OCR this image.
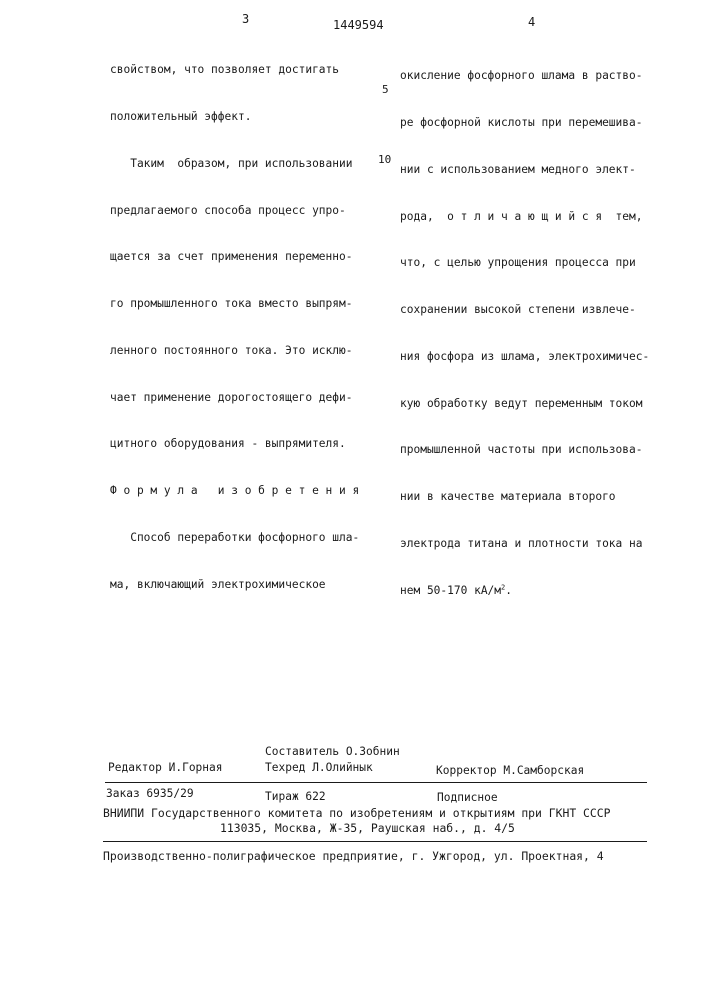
3	1449594	4

свойством, что позволяет достигать

положительный эффект.

Таким  образом, при использовании

предлагаемого способа процесс упро-

щается за счет применения переменно-

го промышленного тока вместо выпрям-

ленного постоянного тока. Это исклю-

чает применение дорогостоящего дефи-

цитного оборудования - выпрямителя.

Ф о р м у л а   и з о б р е т е н и я

Способ переработки фосфорного шла-

ма, включающий электрохимическое

5
10

окисление фосфорного шлама в раство-

ре фосфорной кислоты при перемешива-

нии с использованием медного элект-

рода,  о т л и ч а ю щ и й с я  тем,

что, с целью упрощения процесса при

сохранении высокой степени извлече-

ния фосфора из шлама, электрохимичес-

кую обработку ведут переменным током

промышленной частоты при использова-

нии в качестве материала второго

электрода титана и плотности тока на

нем 50-170 $кА/м^2$.

Составитель О.Зобнин
Редактор И.Горная	Техред Л.Олийнык	Корректор М.Самборская
Заказ 6935/29	Тираж 622	Подписное
ВНИИПИ Государственного комитета по изобретениям и открытиям при ГКНТ СССР
113035, Москва, Ж-35, Раушская наб., д. 4/5
Производственно-полиграфическое предприятие, г. Ужгород, ул. Проектная, 4
